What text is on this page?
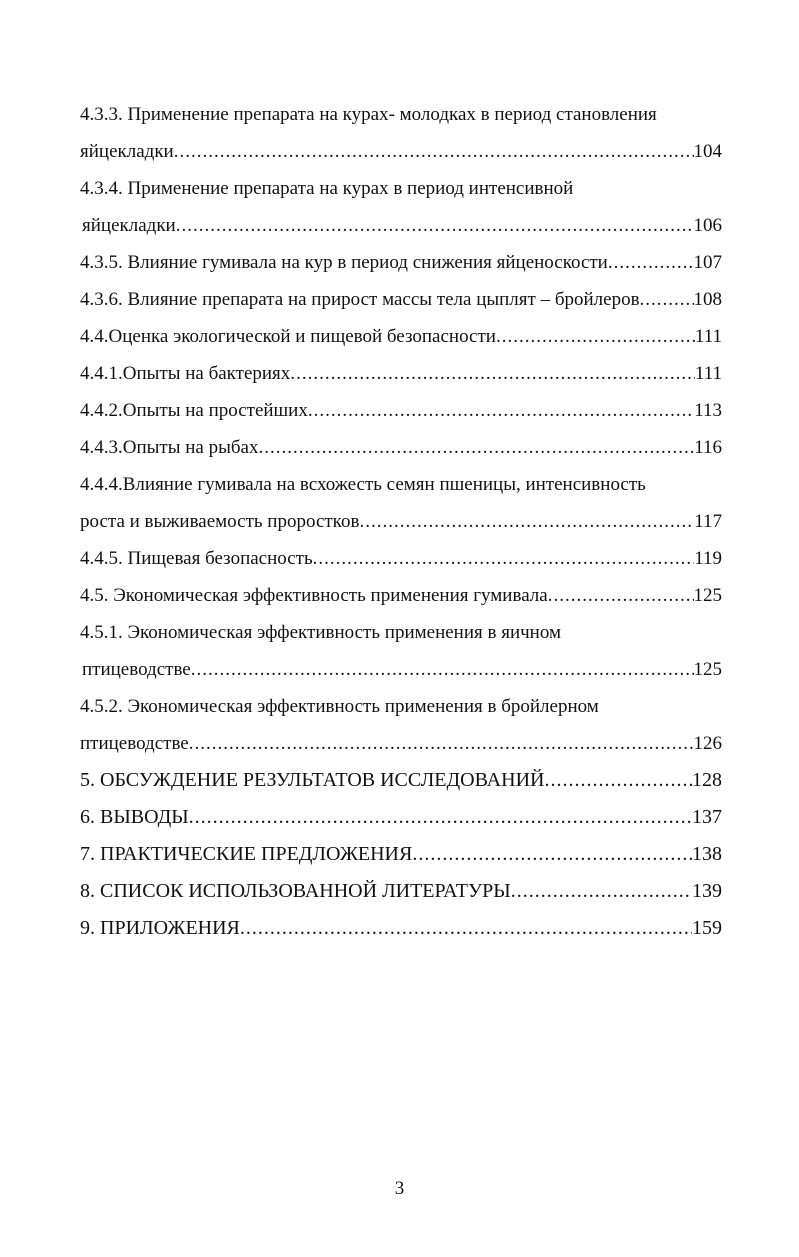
4.3.3. Применение препарата на курах- молодках в период становления
яйцекладки .....	104
4.3.4. Применение препарата на курах в период интенсивной
яйцекладки .....	106
4.3.5. Влияние гумивала на кур в период снижения яйценоскости .....	107
4.3.6. Влияние препарата на прирост массы тела цыплят – бройлеров .....	108
4.4.Оценка экологической и пищевой безопасности .....	111
4.4.1.Опыты на бактериях .....	111
4.4.2.Опыты на простейших .....	113
4.4.3.Опыты на рыбах .....	116
4.4.4.Влияние гумивала на всхожесть семян пшеницы, интенсивность
роста и выживаемость проростков .....	117
4.4.5. Пищевая безопасность .....	119
4.5. Экономическая эффективность применения гумивала .....	125
4.5.1. Экономическая эффективность применения в яичном
птицеводстве .....	125
4.5.2. Экономическая эффективность применения в бройлерном
птицеводстве .....	126
5. ОБСУЖДЕНИЕ РЕЗУЛЬТАТОВ ИССЛЕДОВАНИЙ .....	128
6. ВЫВОДЫ .....	137
7. ПРАКТИЧЕСКИЕ ПРЕДЛОЖЕНИЯ .....	138
8. СПИСОК ИСПОЛЬЗОВАННОЙ ЛИТЕРАТУРЫ .....	139
9. ПРИЛОЖЕНИЯ .....	159
3
